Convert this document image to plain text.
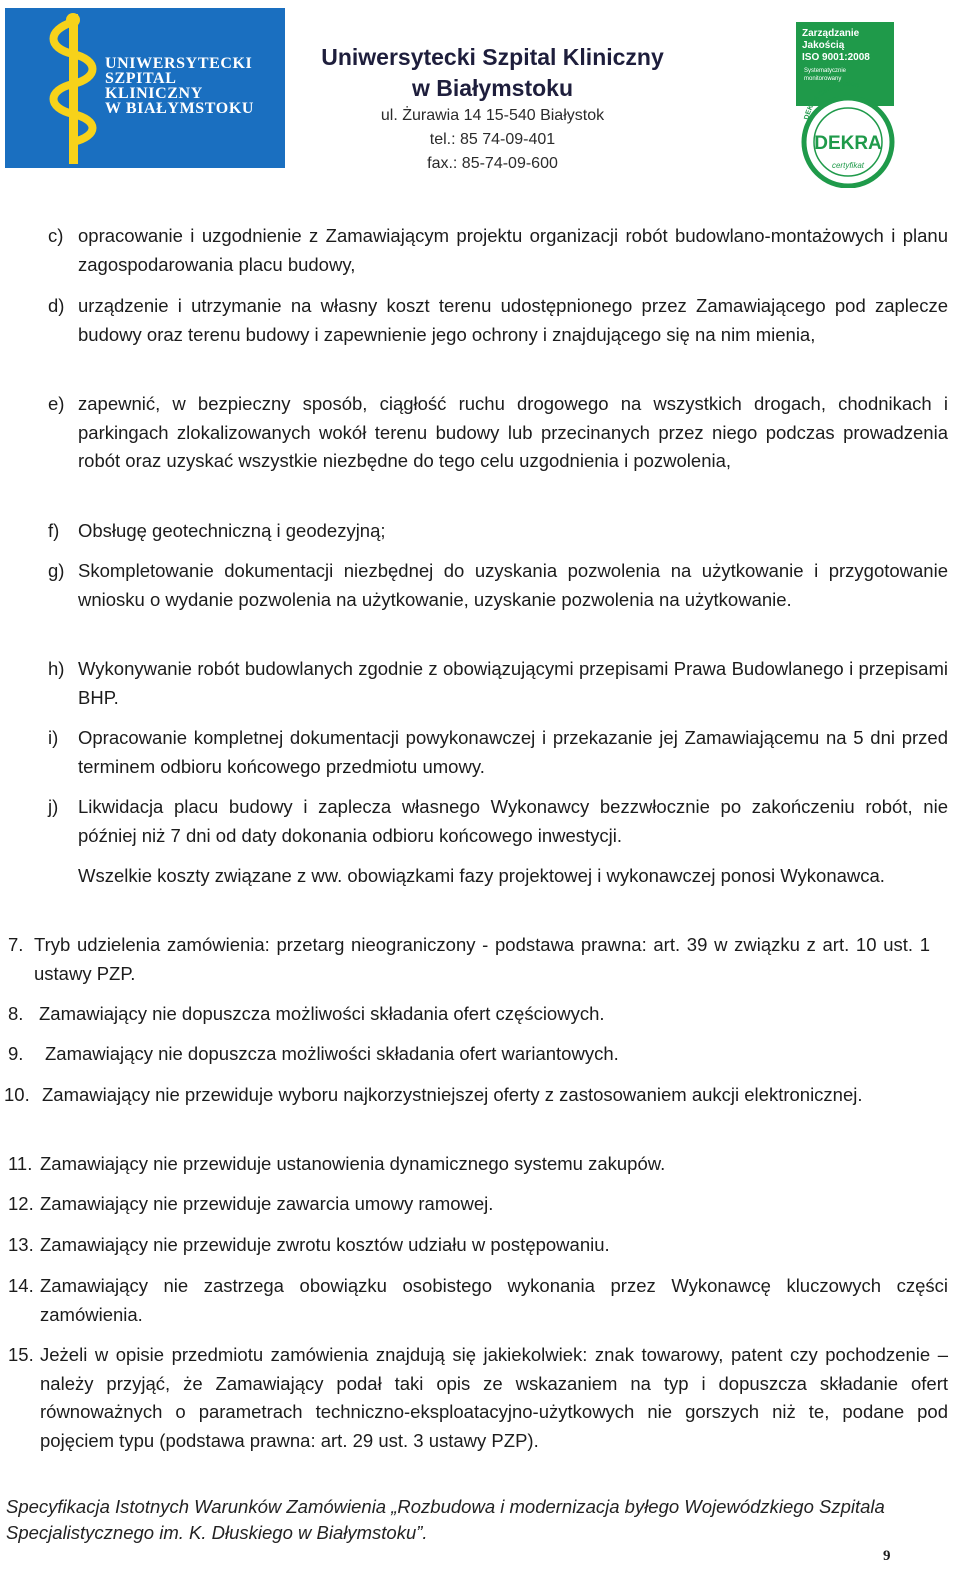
UNIWERSYTECKI
SZPITAL
KLINICZNY
W BIAŁYMSTOKU
Uniwersytecki Szpital Kliniczny
w Białymstoku
ul. Żurawia 14 15-540 Białystok
tel.: 85 74-09-401
fax.: 85-74-09-600
Zarządzanie
Jakością
ISO 9001:2008
Systematycznie
monitorowany
DEKRA Certification
DEKRA
certyfikat
c) opracowanie i uzgodnienie z Zamawiającym projektu organizacji robót budowlano-montażowych i planu zagospodarowania placu budowy,
d) urządzenie i utrzymanie na własny koszt terenu udostępnionego przez Zamawiającego pod zaplecze budowy oraz terenu budowy i zapewnienie jego ochrony i znajdującego się na nim mienia,
e) zapewnić, w bezpieczny sposób, ciągłość ruchu drogowego na wszystkich drogach, chodnikach i parkingach zlokalizowanych wokół terenu budowy lub przecinanych przez niego podczas prowadzenia robót oraz uzyskać wszystkie niezbędne do tego celu uzgodnienia i pozwolenia,
f) Obsługę geotechniczną i geodezyjną;
g) Skompletowanie dokumentacji niezbędnej do uzyskania pozwolenia na użytkowanie i przygotowanie wniosku o wydanie pozwolenia na użytkowanie, uzyskanie pozwolenia na użytkowanie.
h) Wykonywanie robót budowlanych zgodnie z obowiązującymi przepisami Prawa Budowlanego i przepisami BHP.
i) Opracowanie kompletnej dokumentacji powykonawczej i przekazanie jej Zamawiającemu na 5 dni przed terminem odbioru końcowego przedmiotu umowy.
j) Likwidacja placu budowy i zaplecza własnego Wykonawcy bezzwłocznie po zakończeniu robót, nie później niż 7 dni od daty dokonania odbioru końcowego inwestycji.
Wszelkie koszty związane z ww. obowiązkami fazy projektowej i wykonawczej ponosi Wykonawca.
7. Tryb udzielenia zamówienia: przetarg nieograniczony - podstawa prawna: art. 39 w związku z art. 10 ust. 1 ustawy PZP.
8. Zamawiający nie dopuszcza możliwości składania ofert częściowych.
9. Zamawiający nie dopuszcza możliwości składania ofert wariantowych.
10. Zamawiający nie przewiduje wyboru najkorzystniejszej oferty z zastosowaniem aukcji elektronicznej.
11. Zamawiający nie przewiduje ustanowienia dynamicznego systemu zakupów.
12. Zamawiający nie przewiduje zawarcia umowy ramowej.
13. Zamawiający nie przewiduje zwrotu kosztów udziału w postępowaniu.
14. Zamawiający nie zastrzega obowiązku osobistego wykonania przez Wykonawcę kluczowych części zamówienia.
15. Jeżeli w opisie przedmiotu zamówienia znajdują się jakiekolwiek: znak towarowy, patent czy pochodzenie – należy przyjąć, że Zamawiający podał taki opis ze wskazaniem na typ i dopuszcza składanie ofert równoważnych o parametrach techniczno-eksploatacyjno-użytkowych nie gorszych niż te, podane pod pojęciem typu (podstawa prawna: art. 29 ust. 3 ustawy PZP).
Specyfikacja Istotnych Warunków Zamówienia „Rozbudowa i modernizacja byłego Wojewódzkiego Szpitala
Specjalistycznego im. K. Dłuskiego w Białymstoku”.
9
